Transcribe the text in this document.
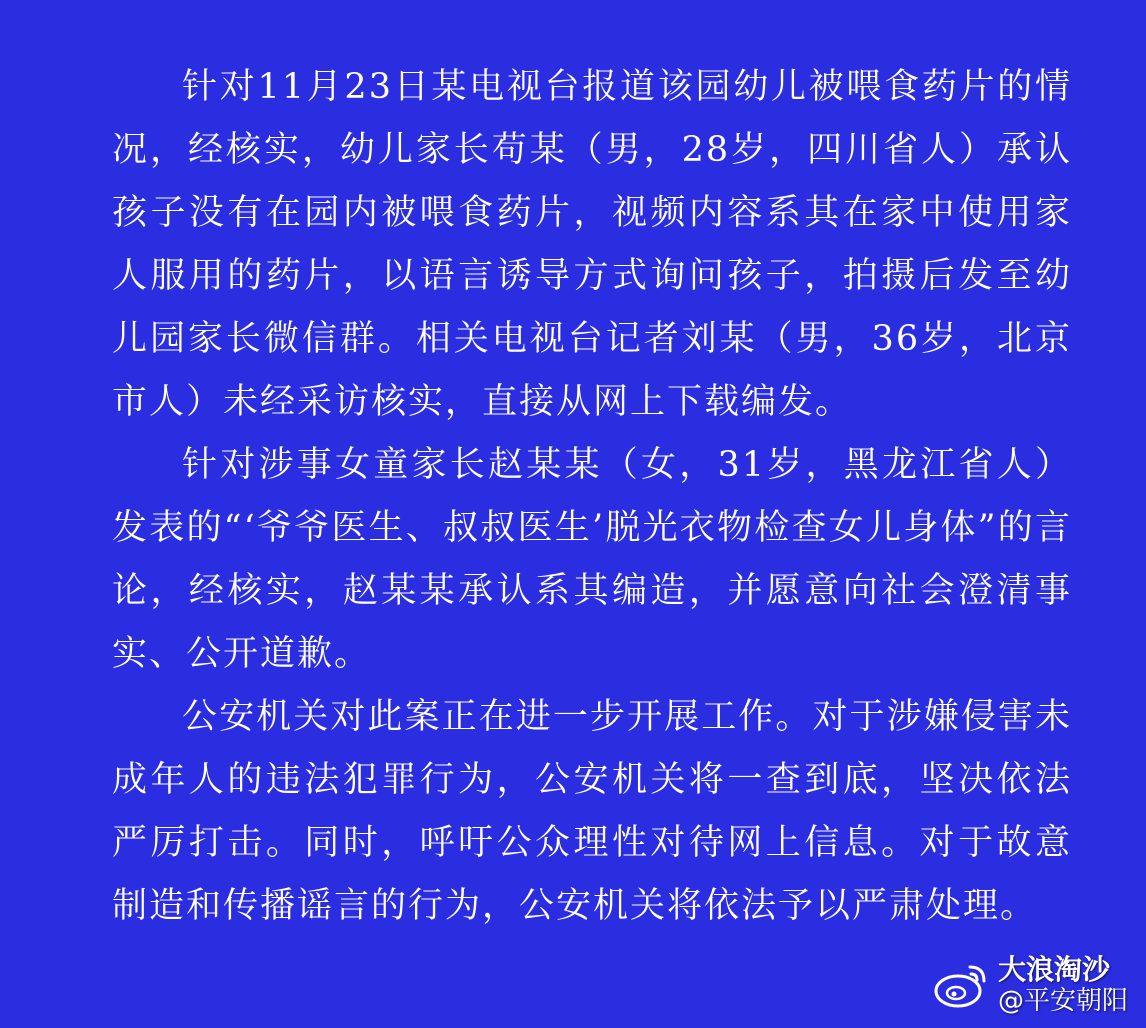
针对11月23日某电视台报道该园幼儿被喂食药片的情况，经核实，幼儿家长苟某（男，28岁，四川省人）承认孩子没有在园内被喂食药片，视频内容系其在家中使用家人服用的药片，以语言诱导方式询问孩子，拍摄后发至幼儿园家长微信群。相关电视台记者刘某（男，36岁，北京市人）未经采访核实，直接从网上下载编发。

针对涉事女童家长赵某某（女，31岁，黑龙江省人）发表的“‘爷爷医生、叔叔医生’脱光衣物检查女儿身体”的言论，经核实，赵某某承认系其编造，并愿意向社会澄清事实、公开道歉。

公安机关对此案正在进一步开展工作。对于涉嫌侵害未成年人的违法犯罪行为，公安机关将一查到底，坚决依法严厉打击。同时，呼吁公众理性对待网上信息。对于故意制造和传播谣言的行为，公安机关将依法予以严肃处理。

大浪淘沙
@平安朝阳
